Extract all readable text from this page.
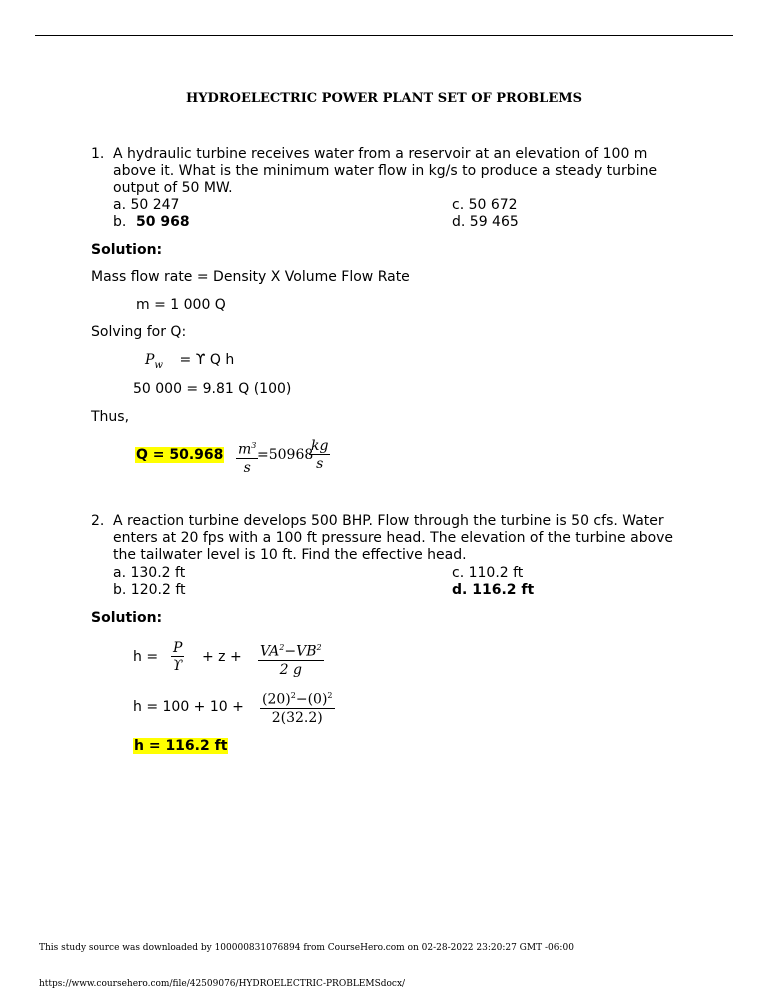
HYDROELECTRIC POWER PLANT SET OF PROBLEMS
1. A hydraulic turbine receives water from a reservoir at an elevation of 100 m
above it. What is the minimum water flow in kg/s to produce a steady turbine
output of 50 MW.
a. 50 247
b. 50 968
c. 50 672
d. 59 465
Solution:
Mass flow rate = Density X Volume Flow Rate
m = 1 000 Q
Solving for Q:
$P_w = ϒ$ Q h
50 000 = 9.81 Q (100)
Thus,
$Q = 50.968 \frac{m^3}{s}$
=50968
$\frac{kg}{s}$
2. A reaction turbine develops 500 BHP. Flow through the turbine is 50 cfs. Water
enters at 20 fps with a 100 ft pressure head. The elevation of the turbine above
the tailwater level is 10 ft. Find the effective head.
a. 130.2 ft
b. 120.2 ft
c. 110.2 ft
d. 116.2 ft
Solution:
$h = \frac{P}{ϒ} + z + \frac{VA^2-VB^2}{2 g}$
$h = 100 + 10 + \frac{(20)^2-(0)^2}{2(32.2)}$
h = 116.2 ft
This study source was downloaded by 100000831076894 from CourseHero.com on 02-28-2022 23:20:27 GMT -06:00
https://www.coursehero.com/file/42509076/HYDROELECTRIC-PROBLEMSdocx/
